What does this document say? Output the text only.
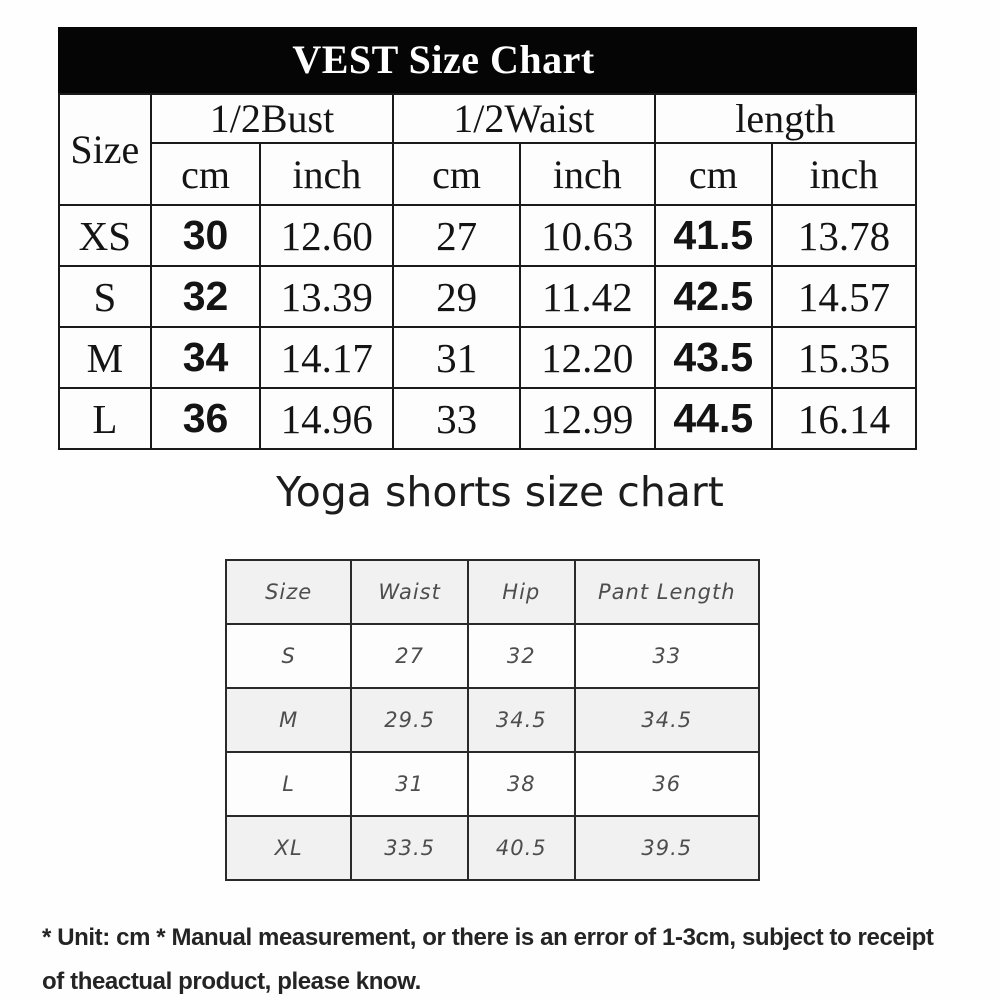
VEST Size Chart
Size	1/2Bust		1/2Waist		length	
	cm	inch	cm	inch	cm	inch
XS	30	12.60	27	10.63	41.5	13.78
S	32	13.39	29	11.42	42.5	14.57
M	34	14.17	31	12.20	43.5	15.35
L	36	14.96	33	12.99	44.5	16.14
Yoga shorts size chart
Size	Waist	Hip	Pant Length
S	27	32	33
M	29.5	34.5	34.5
L	31	38	36
XL	33.5	40.5	39.5
* Unit: cm * Manual measurement, or there is an error of 1-3cm, subject to receipt
of theactual product, please know.
